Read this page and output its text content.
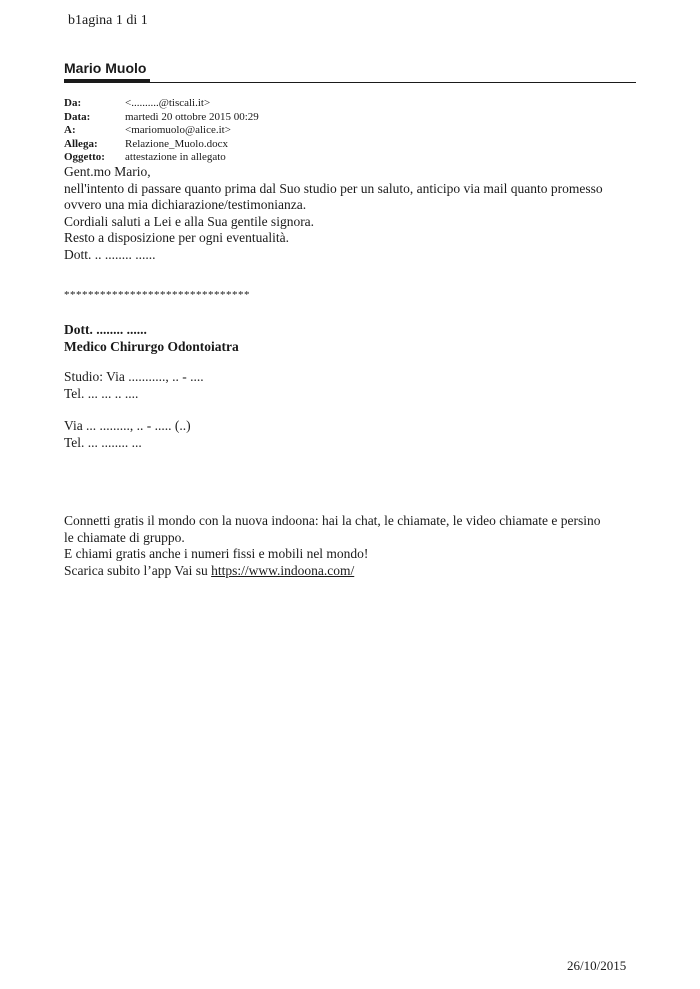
b1agina 1 di 1
Mario Muolo
Da:	<..........@tiscali.it>
Data:	martedì 20 ottobre 2015 00:29
A:	<mariomuolo@alice.it>
Allega:	Relazione_Muolo.docx
Oggetto:	attestazione in allegato

Gent.mo Mario,

nell'intento di passare quanto prima dal Suo studio per un saluto, anticipo via mail quanto promesso

ovvero una mia dichiarazione/testimonianza.

Cordiali saluti a Lei e alla Sua gentile signora.

Resto a disposizione per ogni eventualità.

Dott. .. ........ ......

*******************************

Dott. ........ ......

Medico Chirurgo Odontoiatra

Studio: Via ..........., .. - ....

Tel. ... ... .. ....

Via ... ........., .. - ..... (..)

Tel. ... ........ ...

Connetti gratis il mondo con la nuova indoona: hai la chat, le chiamate, le video chiamate e persino

le chiamate di gruppo.

E chiami gratis anche i numeri fissi e mobili nel mondo!

Scarica subito l’app Vai su https://www.indoona.com/

26/10/2015
